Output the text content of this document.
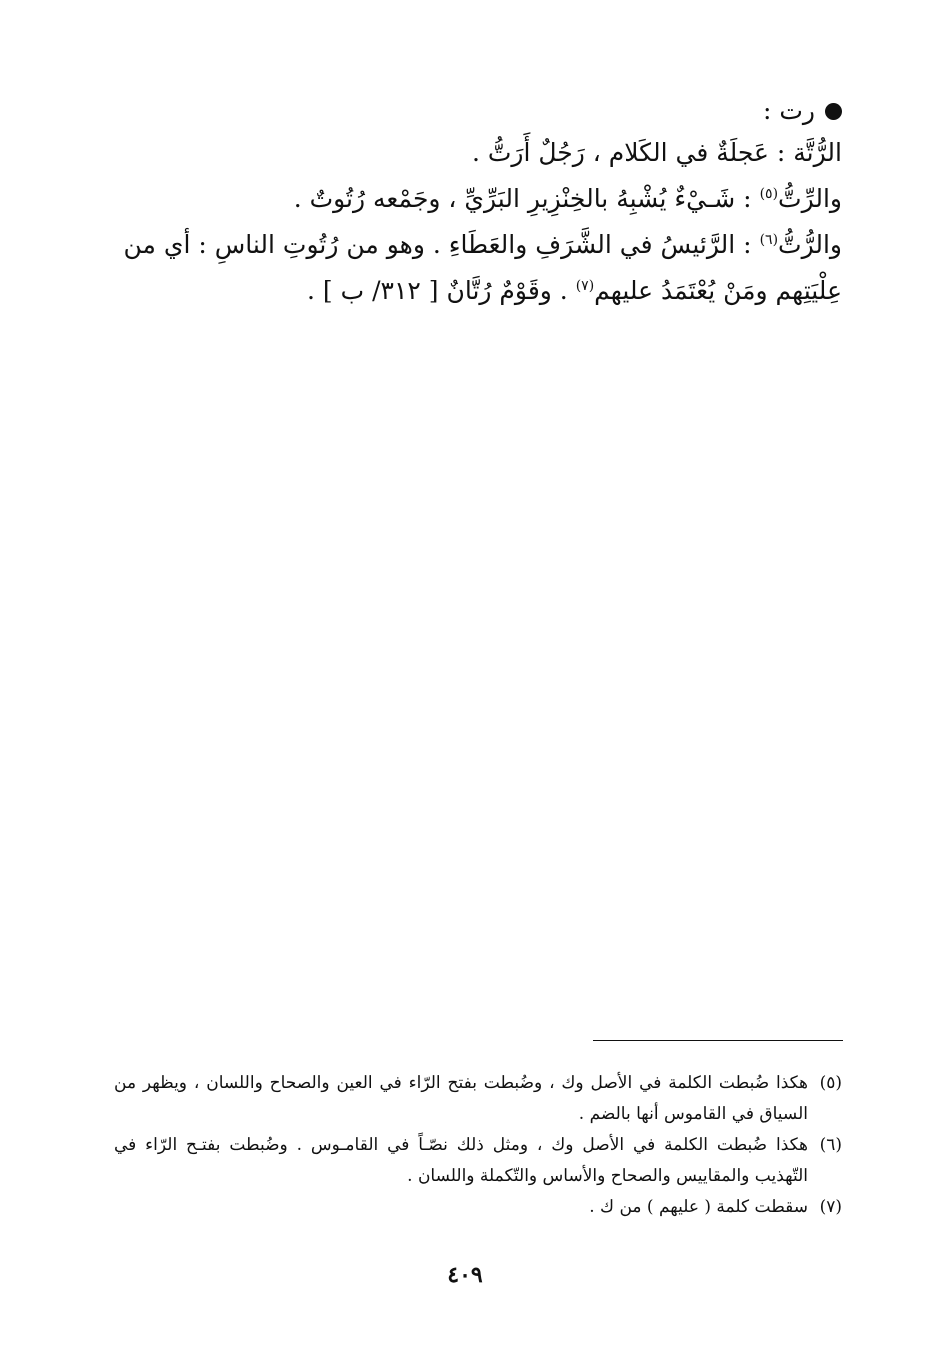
رت :
الرُّتَّة : عَجلَةٌ في الكَلام ، رَجُلٌ أَرَتُّ .
والرِّتُّ$^{(٥)}$ : شَـيْءٌ يُشْبِهُ بالخِنْزِيرِ البَرِّيِّ ، وجَمْعه رُتُوتٌ .
والرُّتُّ$^{(٦)}$ : الرَّئيسُ في الشَّرَفِ والعَطَاءِ . وهو من رُتُوتِ الناسِ : أي من
عِلْيَتِهم ومَنْ يُعْتَمَدُ عليهم$^{(٧)}$ . وقَوْمٌ رُتَّانٌ [ ٣١٢/ ب ] .
(٥)
هكذا ضُبطت الكلمة في الأصل وك ، وضُبطت بفتح الرّاء في العين والصحاح واللسان ، ويظهر من السياق في القاموس أنها بالضم .
(٦)
هكذا ضُبطت الكلمة في الأصل وك ، ومثل ذلك نصّـاً في القامـوس . وضُبطت بفتـح الرّاء في التّهذيب والمقاييس والصحاح والأساس والتّكملة واللسان .
(٧)
سقطت كلمة ( عليهم ) من ك .
٤٠٩
